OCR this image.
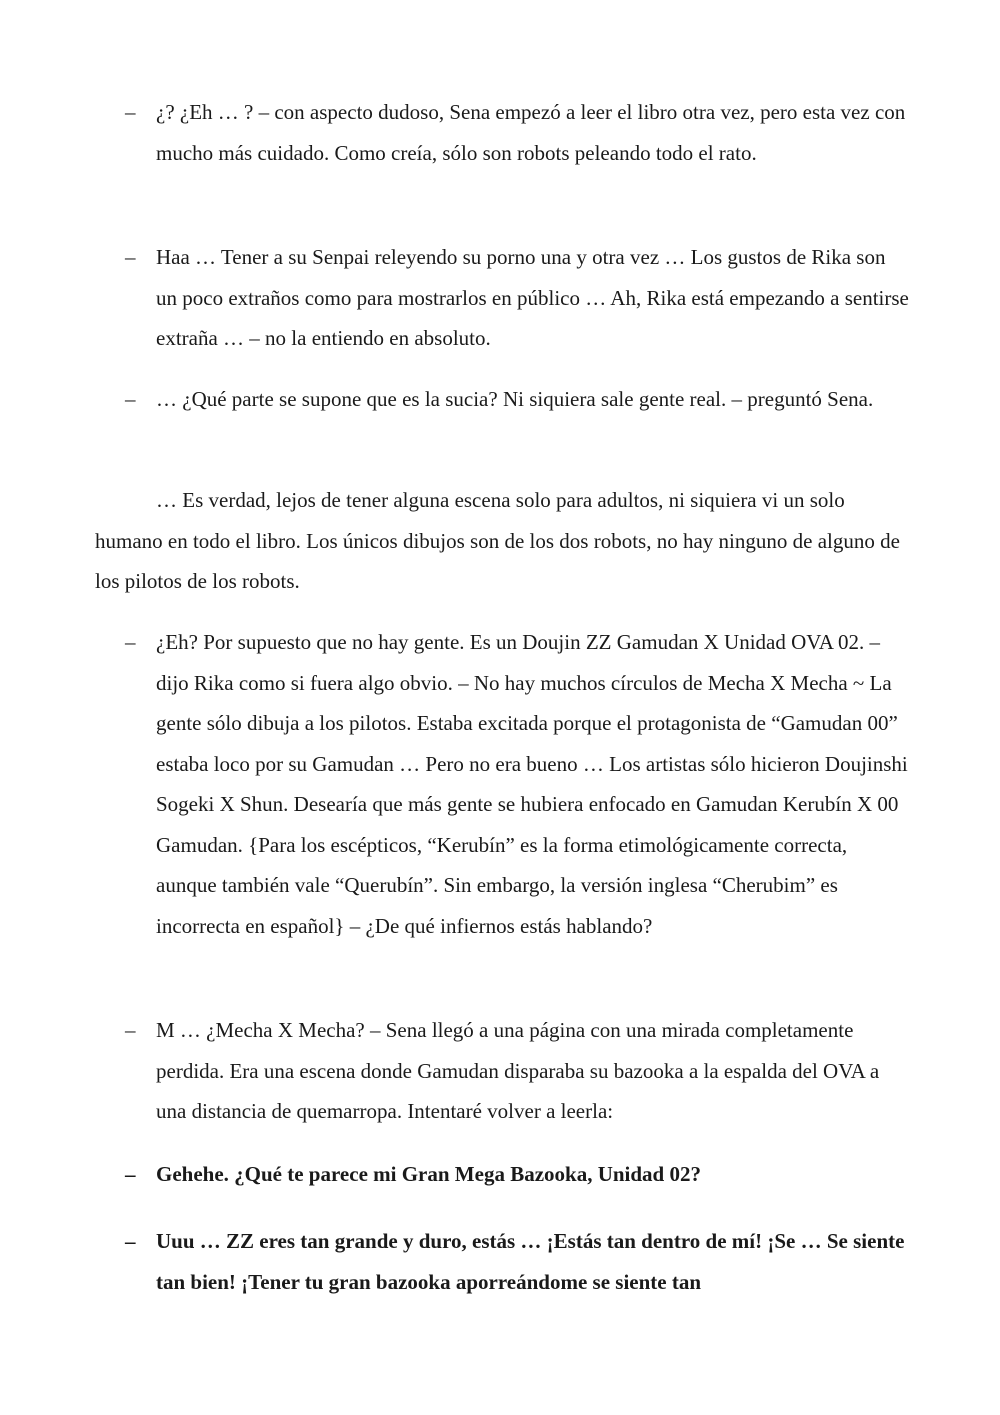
– ¿? ¿Eh … ? – con aspecto dudoso, Sena empezó a leer el libro otra vez, pero esta vez con mucho más cuidado. Como creía, sólo son robots peleando todo el rato.
– Haa … Tener a su Senpai releyendo su porno una y otra vez … Los gustos de Rika son un poco extraños como para mostrarlos en público … Ah, Rika está empezando a sentirse extraña … – no la entiendo en absoluto.
– … ¿Qué parte se supone que es la sucia? Ni siquiera sale gente real. – preguntó Sena.
… Es verdad, lejos de tener alguna escena solo para adultos, ni siquiera vi un solo humano en todo el libro. Los únicos dibujos son de los dos robots, no hay ninguno de alguno de los pilotos de los robots.
– ¿Eh? Por supuesto que no hay gente. Es un Doujin ZZ Gamudan X Unidad OVA 02. – dijo Rika como si fuera algo obvio. – No hay muchos círculos de Mecha X Mecha ~ La gente sólo dibuja a los pilotos. Estaba excitada porque el protagonista de “Gamudan 00” estaba loco por su Gamudan … Pero no era bueno … Los artistas sólo hicieron Doujinshi Sogeki X Shun. Desearía que más gente se hubiera enfocado en Gamudan Kerubín X 00 Gamudan. {Para los escépticos, “Kerubín” es la forma etimológicamente correcta, aunque también vale “Querubín”. Sin embargo, la versión inglesa “Cherubim” es incorrecta en español} – ¿De qué infiernos estás hablando?
– M … ¿Mecha X Mecha? – Sena llegó a una página con una mirada completamente perdida. Era una escena donde Gamudan disparaba su bazooka a la espalda del OVA a una distancia de quemarropa. Intentaré volver a leerla:
– Gehehe. ¿Qué te parece mi Gran Mega Bazooka, Unidad 02?
– Uuu … ZZ eres tan grande y duro, estás … ¡Estás tan dentro de mí! ¡Se … Se siente tan bien! ¡Tener tu gran bazooka aporreándome se siente tan
